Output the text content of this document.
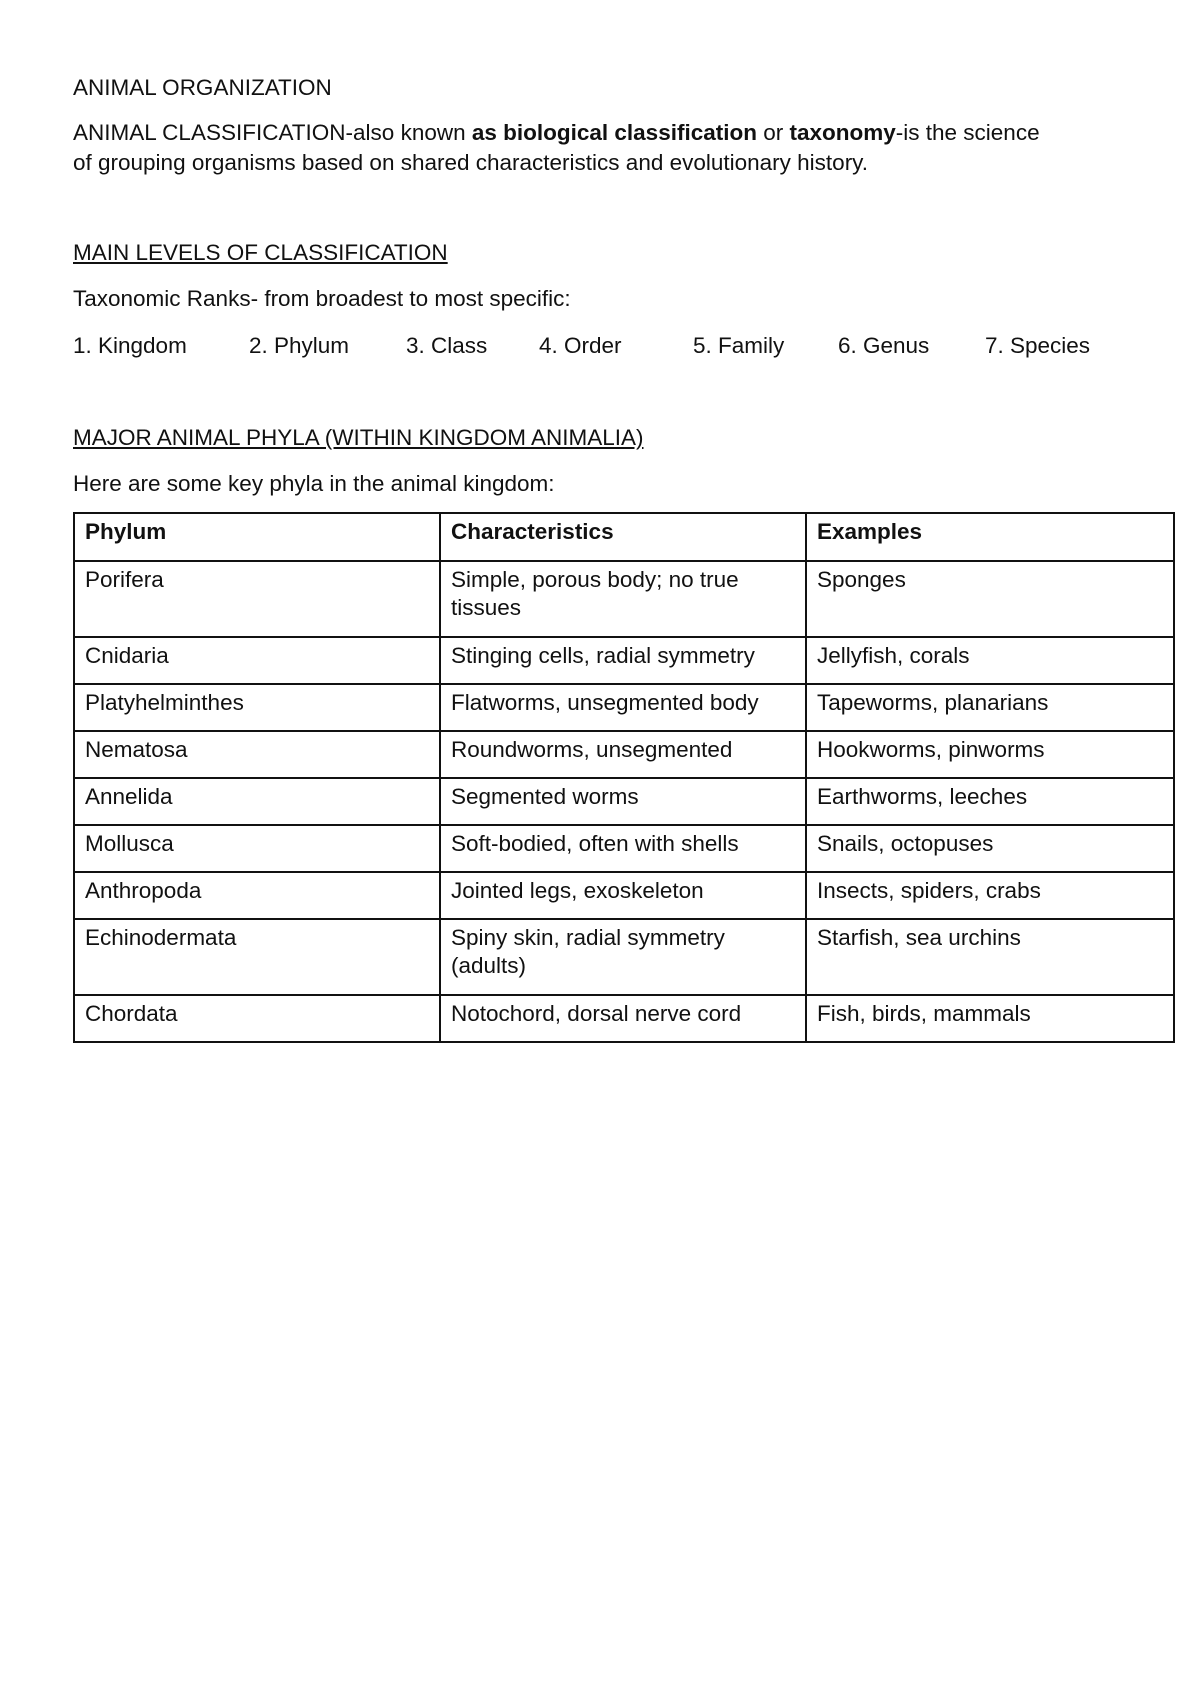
ANIMAL ORGANIZATION
ANIMAL CLASSIFICATION-also known as biological classification or taxonomy-is the science
of grouping organisms based on shared characteristics and evolutionary history.
MAIN LEVELS OF CLASSIFICATION
Taxonomic Ranks- from broadest to most specific:
1. Kingdom	2. Phylum	3. Class 4. Order	5. Family 6. Genus 7. Species
MAJOR ANIMAL PHYLA (WITHIN KINGDOM ANIMALIA)
Here are some key phyla in the animal kingdom:
Phylum	Characteristics	Examples
Porifera	Simple, porous body; no true tissues	Sponges
Cnidaria	Stinging cells, radial symmetry	Jellyfish, corals
Platyhelminthes	Flatworms, unsegmented body	Tapeworms, planarians
Nematosa	Roundworms, unsegmented	Hookworms, pinworms
Annelida	Segmented worms	Earthworms, leeches
Mollusca	Soft-bodied, often with shells	Snails, octopuses
Anthropoda	Jointed legs, exoskeleton	Insects, spiders, crabs
Echinodermata	Spiny skin, radial symmetry (adults)	Starfish, sea urchins
Chordata	Notochord, dorsal nerve cord	Fish, birds, mammals
